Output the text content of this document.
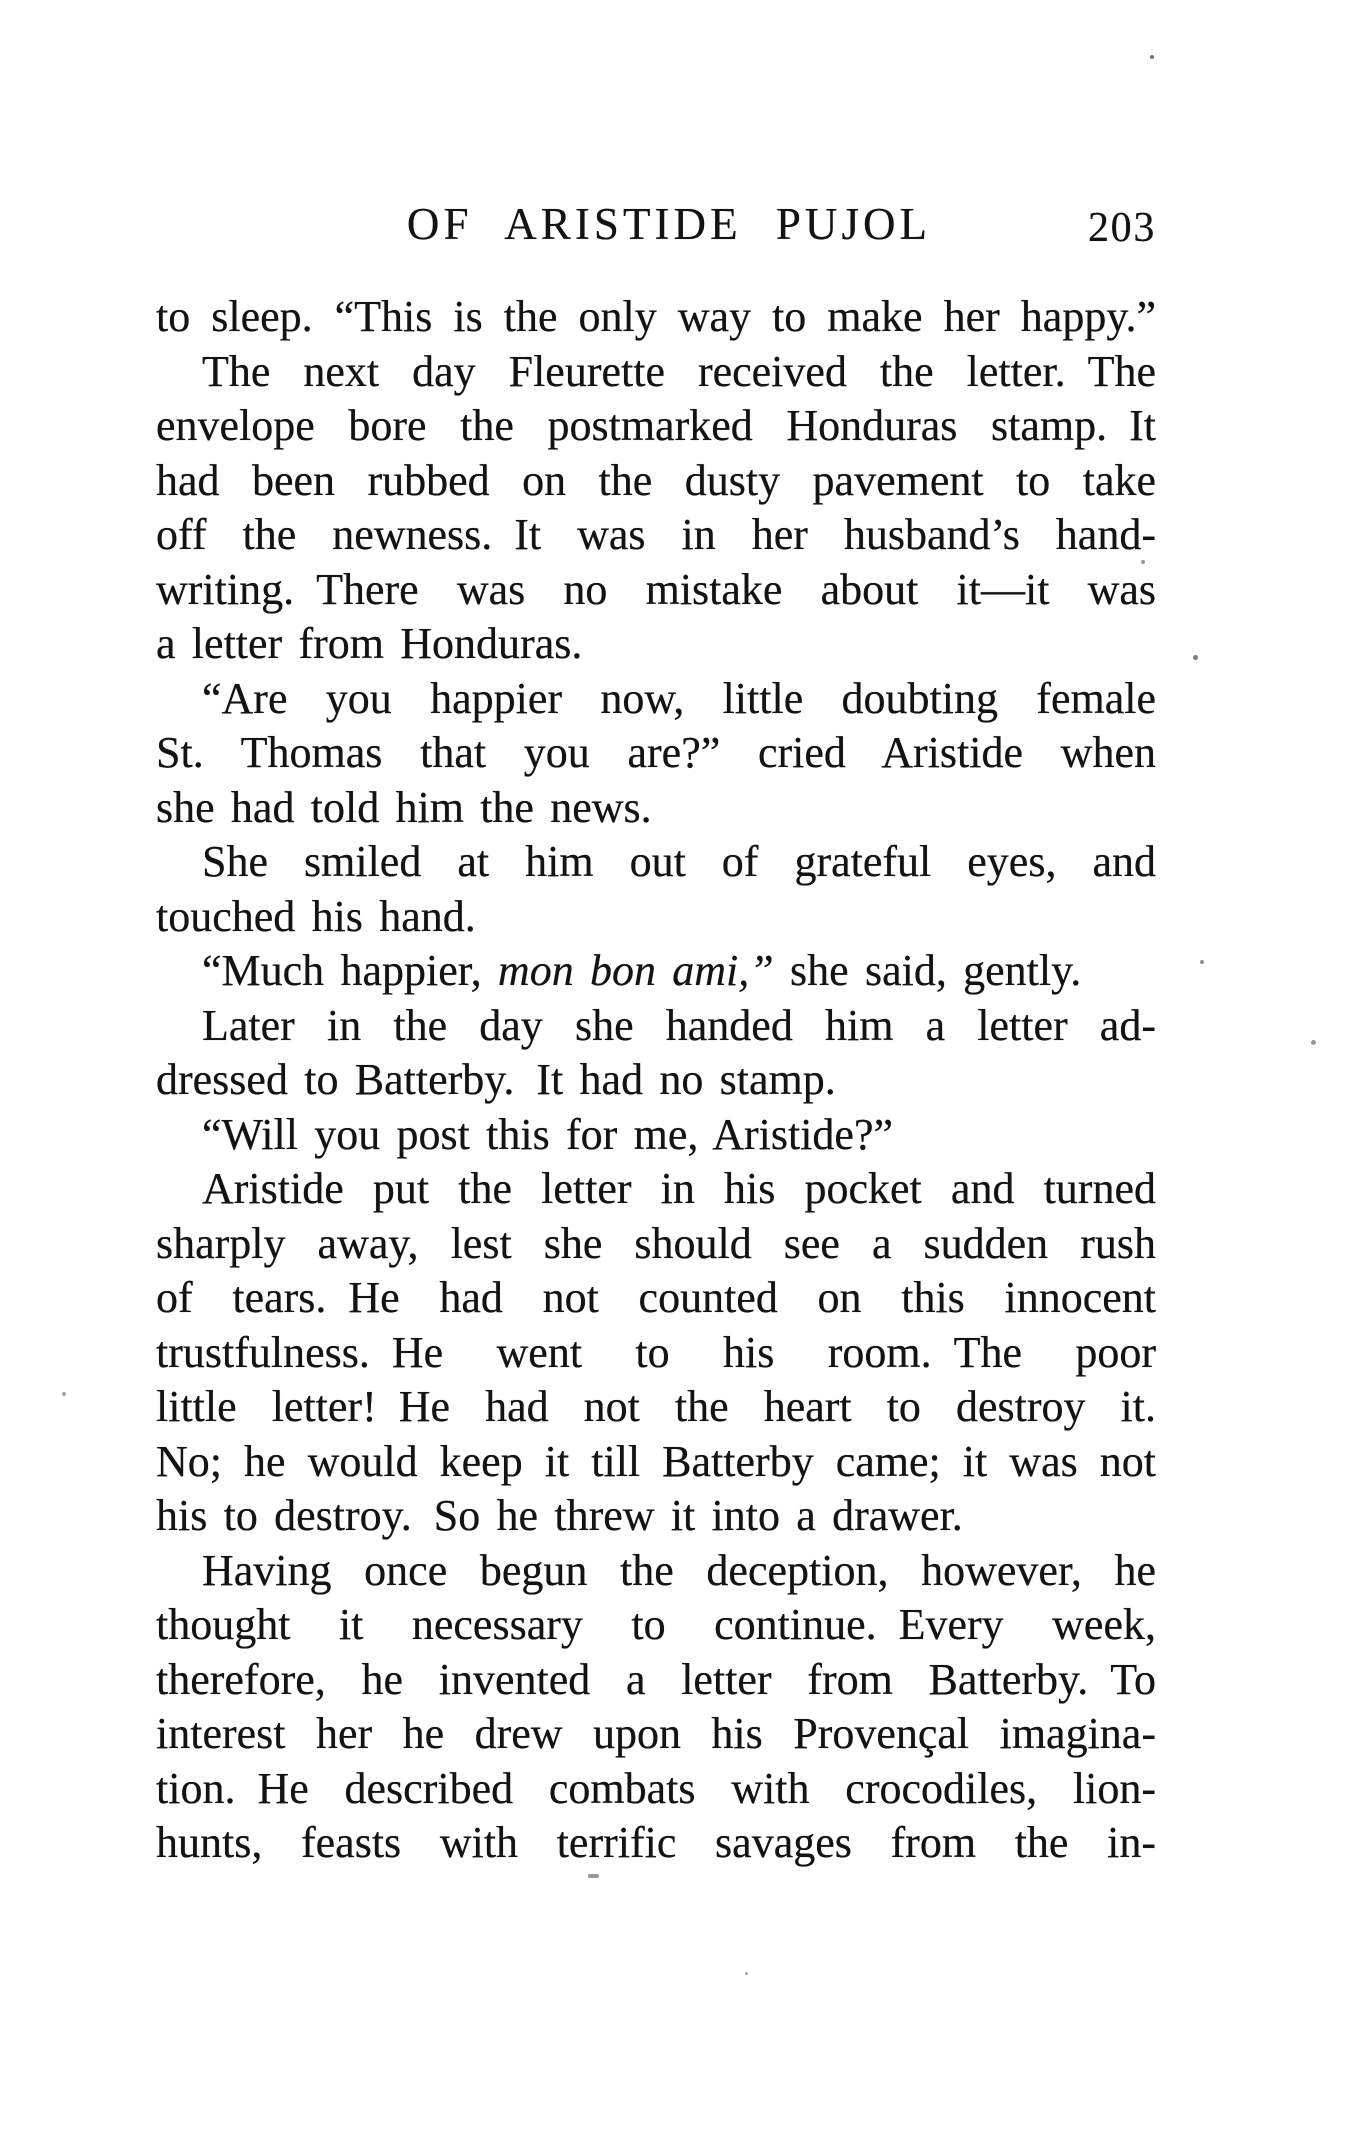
OF ARISTIDE PUJOL	203
to sleep. “This is the only way to make her happy.”
The next day Fleurette received the letter. The
envelope bore the postmarked Honduras stamp. It
had been rubbed on the dusty pavement to take
off the newness. It was in her husband’s hand-
writing. There was no mistake about it—it was
a letter from Honduras.
“Are you happier now, little doubting female
St. Thomas that you are?” cried Aristide when
she had told him the news.
She smiled at him out of grateful eyes, and
touched his hand.
“Much happier, mon bon ami,” she said, gently.
Later in the day she handed him a letter ad-
dressed to Batterby. It had no stamp.
“Will you post this for me, Aristide?”
Aristide put the letter in his pocket and turned
sharply away, lest she should see a sudden rush
of tears. He had not counted on this innocent
trustfulness. He went to his room. The poor
little letter! He had not the heart to destroy it.
No; he would keep it till Batterby came; it was not
his to destroy. So he threw it into a drawer.
Having once begun the deception, however, he
thought it necessary to continue. Every week,
therefore, he invented a letter from Batterby. To
interest her he drew upon his Provençal imagina-
tion. He described combats with crocodiles, lion-
hunts, feasts with terrific savages from the in-
